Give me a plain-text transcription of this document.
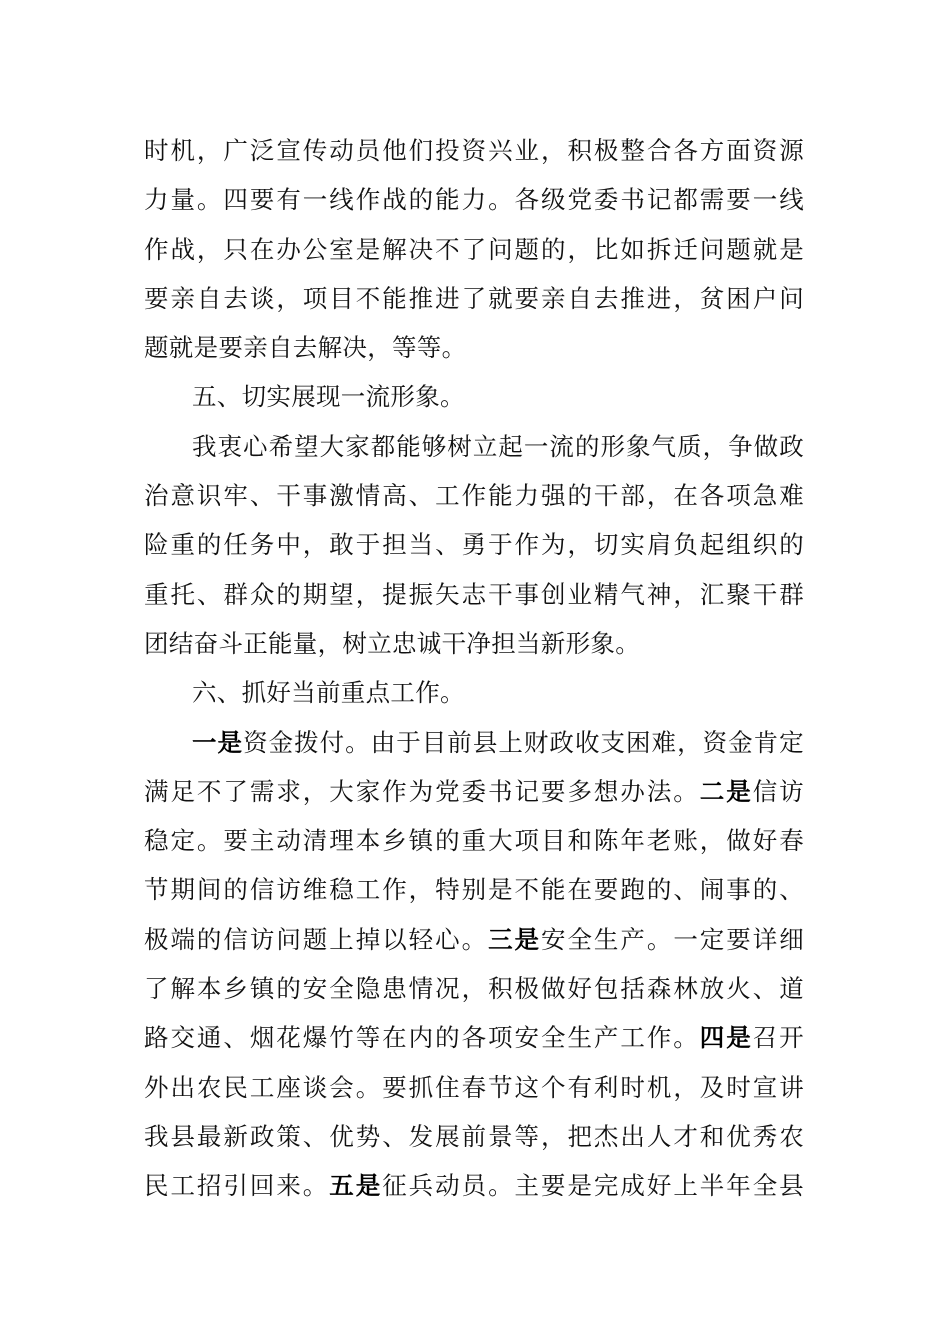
时机，广泛宣传动员他们投资兴业，积极整合各方面资源
力量。四要有一线作战的能力。各级党委书记都需要一线
作战，只在办公室是解决不了问题的，比如拆迁问题就是
要亲自去谈，项目不能推进了就要亲自去推进，贫困户问
题就是要亲自去解决，等等。
五、切实展现一流形象。
我衷心希望大家都能够树立起一流的形象气质，争做政
治意识牢、干事激情高、工作能力强的干部，在各项急难
险重的任务中，敢于担当、勇于作为，切实肩负起组织的
重托、群众的期望，提振矢志干事创业精气神，汇聚干群
团结奋斗正能量，树立忠诚干净担当新形象。
六、抓好当前重点工作。
一是资金拨付。由于目前县上财政收支困难，资金肯定
满足不了需求，大家作为党委书记要多想办法。二是信访
稳定。要主动清理本乡镇的重大项目和陈年老账，做好春
节期间的信访维稳工作，特别是不能在要跑的、闹事的、
极端的信访问题上掉以轻心。三是安全生产。一定要详细
了解本乡镇的安全隐患情况，积极做好包括森林放火、道
路交通、烟花爆竹等在内的各项安全生产工作。四是召开
外出农民工座谈会。要抓住春节这个有利时机，及时宣讲
我县最新政策、优势、发展前景等，把杰出人才和优秀农
民工招引回来。五是征兵动员。主要是完成好上半年全县
